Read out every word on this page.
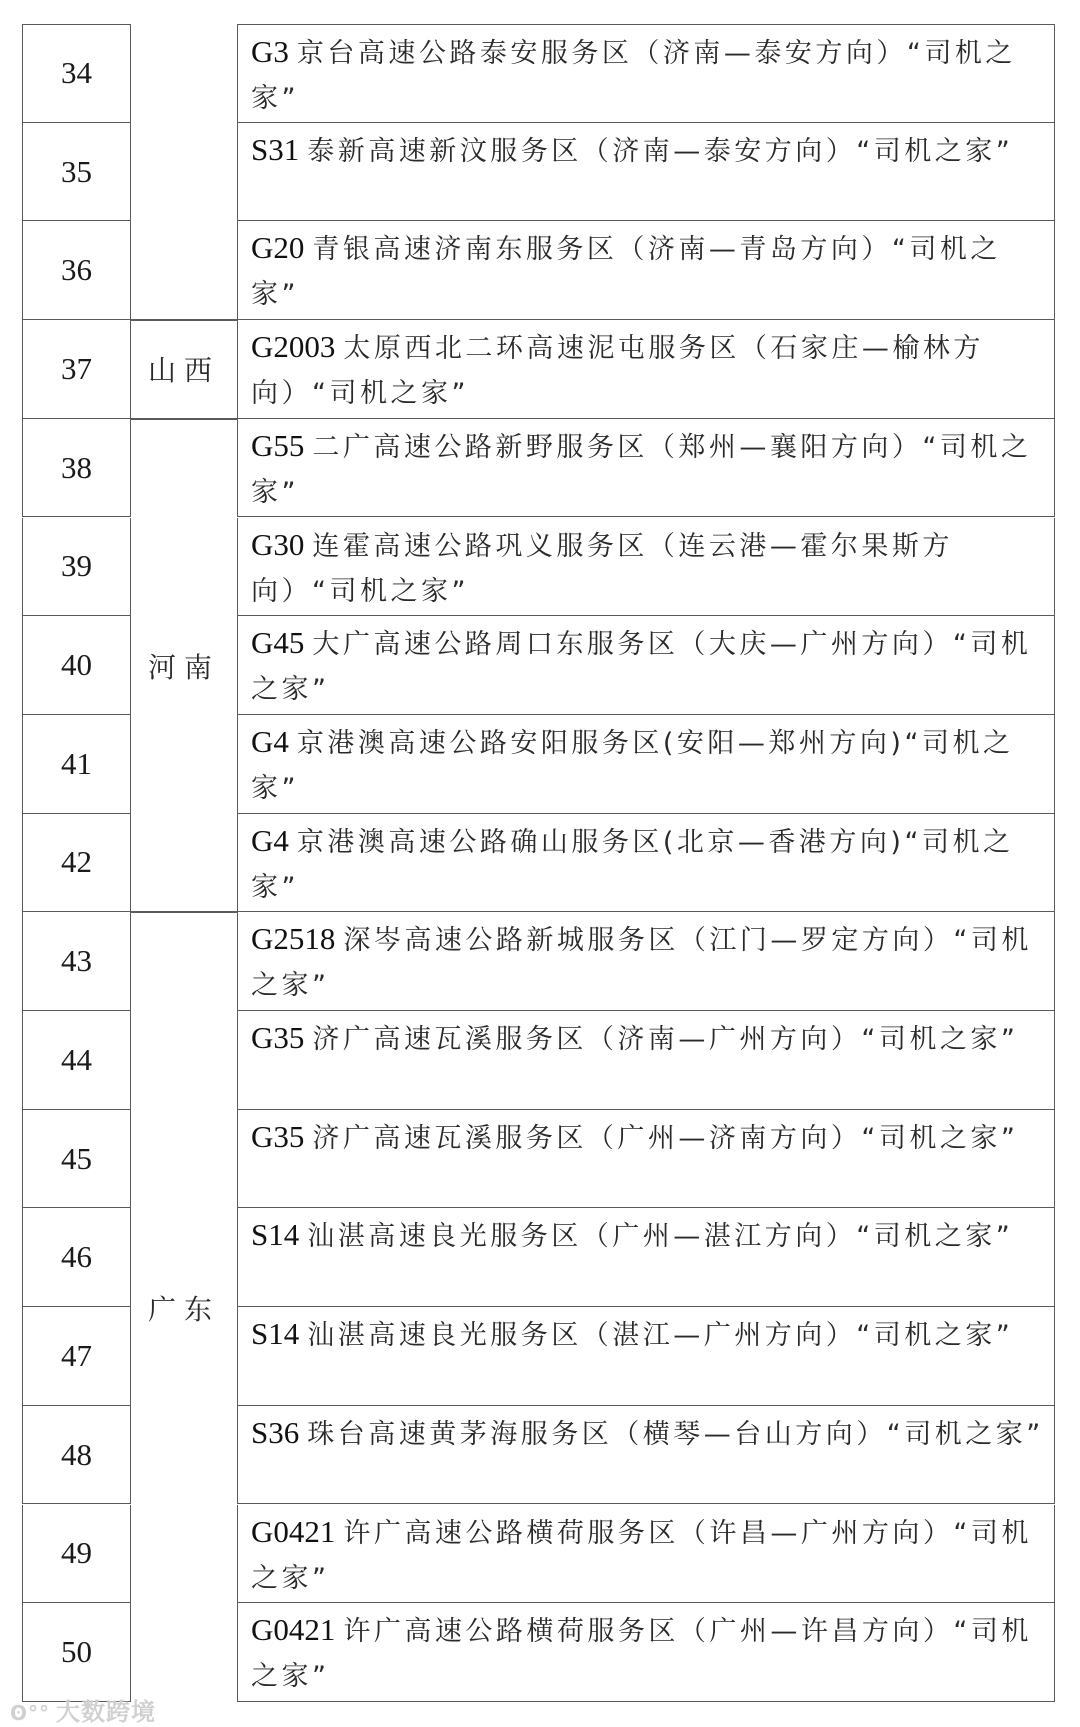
34
35
36
37
38
39
40
41
42
43
44
45
46
47
48
49
50
山西
河南
广东
G3 京台高速公路泰安服务区（济南—泰安方向）“司机之家”
S31 泰新高速新汶服务区（济南—泰安方向）“司机之家”
G20 青银高速济南东服务区（济南—青岛方向）“司机之家”
G2003 太原西北二环高速泥屯服务区（石家庄—榆林方向）“司机之家”
G55 二广高速公路新野服务区（郑州—襄阳方向）“司机之家”
G30 连霍高速公路巩义服务区（连云港—霍尔果斯方向）“司机之家”
G45 大广高速公路周口东服务区（大庆—广州方向）“司机之家”
G4 京港澳高速公路安阳服务区(安阳—郑州方向)“司机之家”
G4 京港澳高速公路确山服务区(北京—香港方向)“司机之家”
G2518 深岑高速公路新城服务区（江门—罗定方向）“司机之家”
G35 济广高速瓦溪服务区（济南—广州方向）“司机之家”
G35 济广高速瓦溪服务区（广州—济南方向）“司机之家”
S14 汕湛高速良光服务区（广州—湛江方向）“司机之家”
S14 汕湛高速良光服务区（湛江—广州方向）“司机之家”
S36 珠台高速黄茅海服务区（横琴—台山方向）“司机之家”
G0421 许广高速公路横荷服务区（许昌—广州方向）“司机之家”
G0421 许广高速公路横荷服务区（广州—许昌方向）“司机之家”
ʘ°° 大数跨境
